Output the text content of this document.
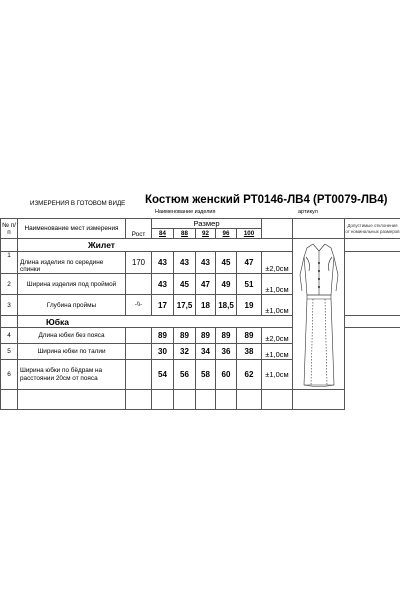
ИЗМЕРЕНИЯ В ГОТОВОМ ВИДЕ Костюм женский РТ0146-ЛВ4 (РТ0079-ЛВ4)
Наименование изделия	артикул
№ п/п	Наименование мест измерения	Рост	Размер							Допустимые отклонения от номинальных размеров
			84	88	92	96	100			
	Жилет	

1	Длина изделия по середине спинки	170	43	43	43	45	47	±2,0см		
2	Ширина изделия под проймой		43	45	47	49	51	±1,0см		
3	Глубина проймы	-\\-	17	17,5	18	18,5	19	±1,0см		
	Юбка									
4	Длина юбки без пояса		89	89	89	89	89	±2,0см		
5	Ширина юбки по талии		30	32	34	36	38	±1,0см		
6	Ширина юбки по бёдрам на расстоянии 20см от пояса		54	56	58	60	62	±1,0см		
